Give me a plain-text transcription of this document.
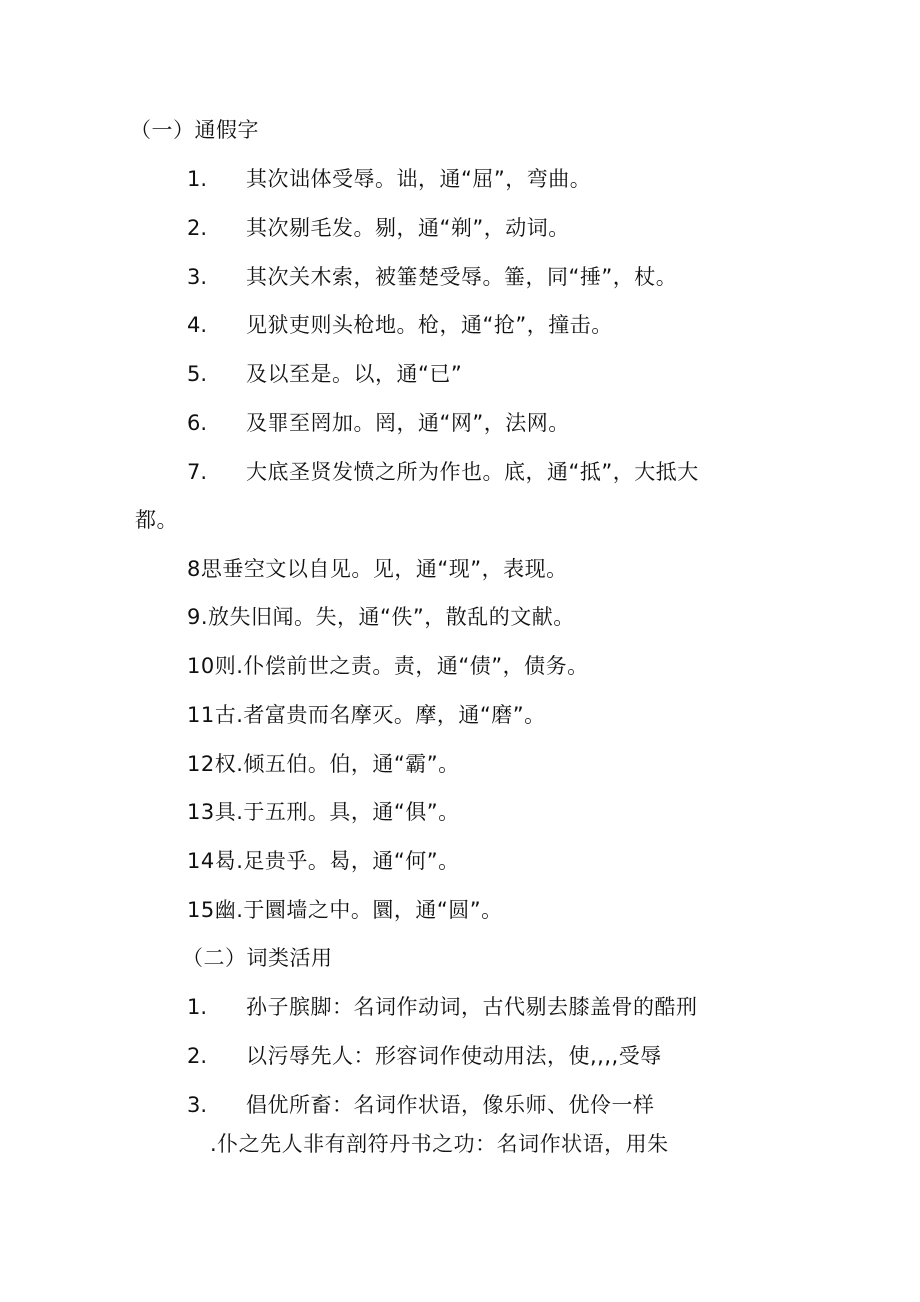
（一）通假字
1. 其次诎体受辱。诎，通“屈”，弯曲。
2. 其次剔毛发。剔，通“剃”，动词。
3. 其次关木索，被箠楚受辱。箠，同“捶”，杖。
4. 见狱吏则头枪地。枪，通“抢”，撞击。
5. 及以至是。以，通“已”
6. 及罪至罔加。罔，通“网”，法网。
7. 大底圣贤发愤之所为作也。底，通“抵”，大抵大
都。
8思垂空文以自见。见，通“现”，表现。
9.放失旧闻。失，通“佚”，散乱的文献。
10则.仆偿前世之责。责，通“债”，债务。
11古.者富贵而名摩灭。摩，通“磨”。
12权.倾五伯。伯，通“霸”。
13具.于五刑。具，通“俱”。
14曷.足贵乎。曷，通“何”。
15幽.于圜墙之中。圜，通“圆”。
（二）词类活用
1. 孙子膑脚：名词作动词，古代剔去膝盖骨的酷刑
2. 以污辱先人：形容词作使动用法，使,,,,受辱
3. 倡优所畜：名词作状语，像乐师、优伶一样
.仆之先人非有剖符丹书之功：名词作状语，用朱
